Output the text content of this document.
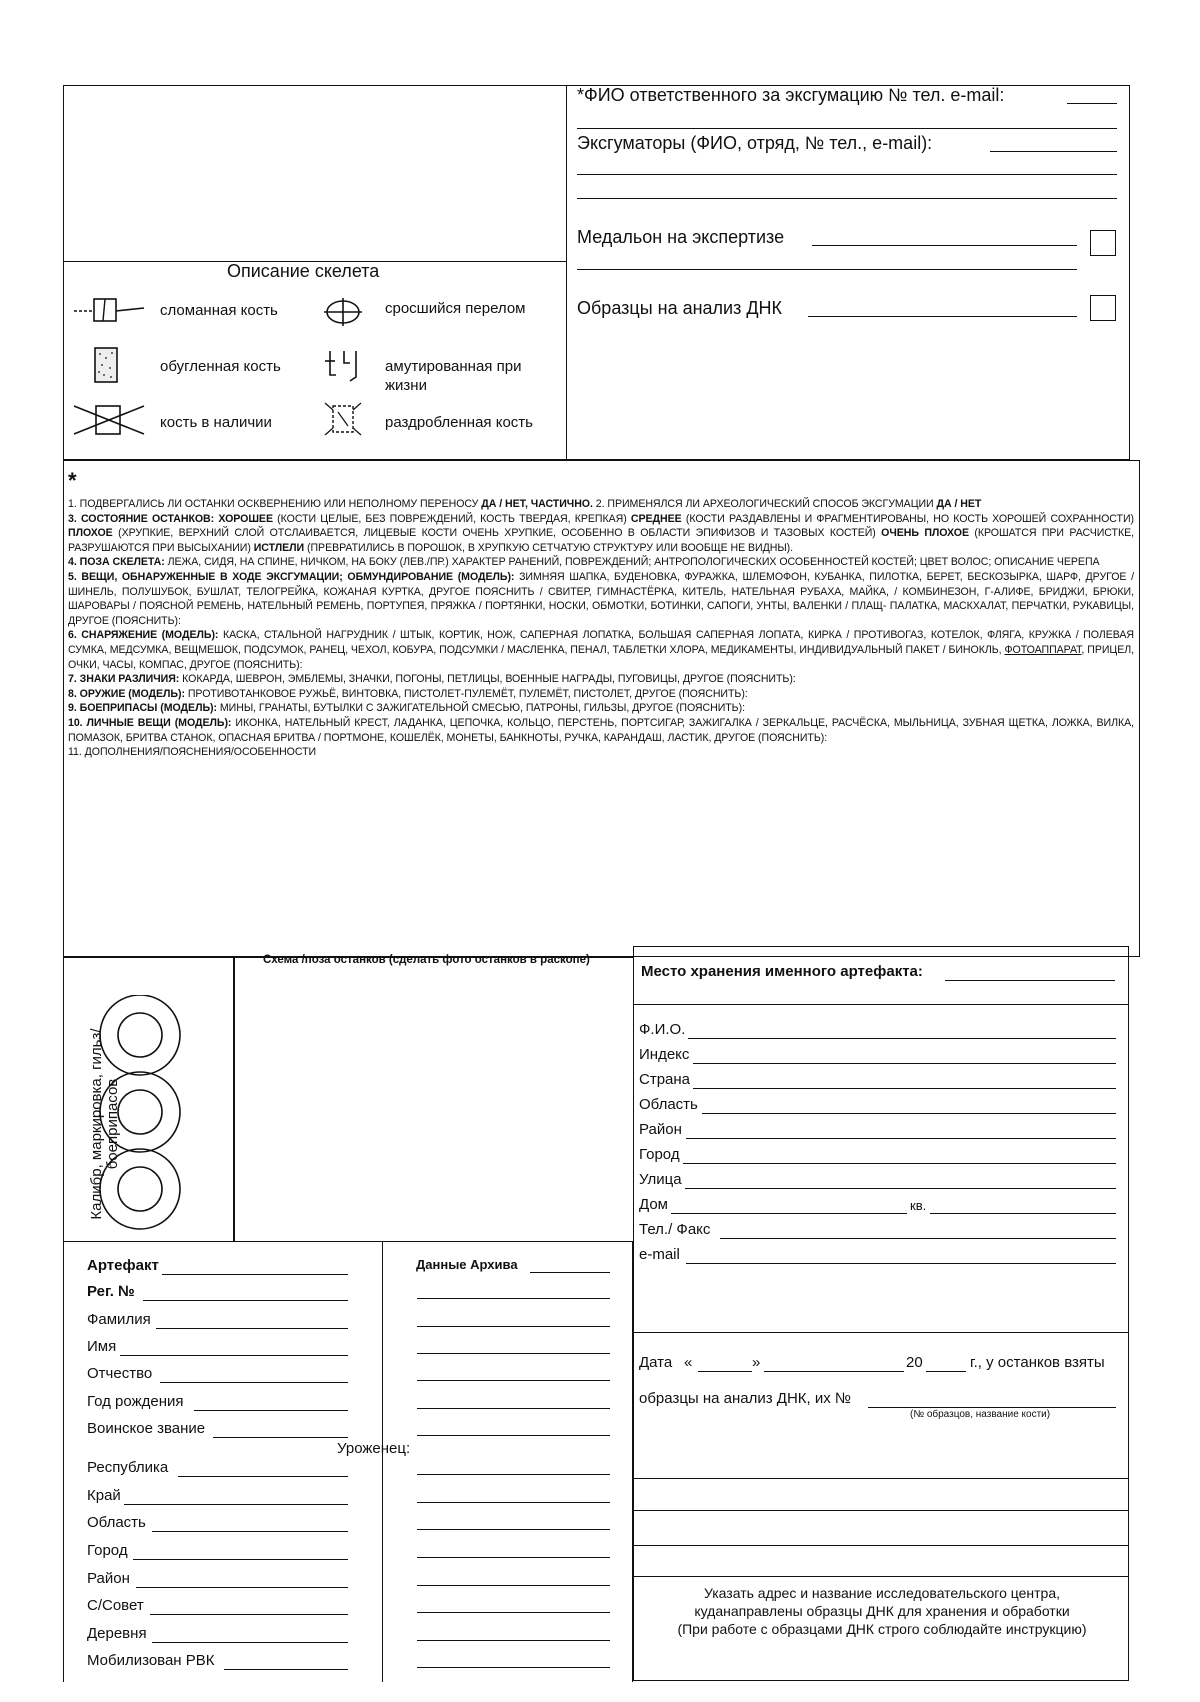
*ФИО ответственного за эксгумацию № тел. e-mail:
Эксгуматоры (ФИО, отряд, № тел., e-mail):
Медальон на экспертизе
Образцы на анализ ДНК
Описание скелета
сломанная кость	сросшийся перелом
обугленная кость	амутированная при жизни
кость в наличии	раздробленная кость
*
1. ПОДВЕРГАЛИСЬ ЛИ ОСТАНКИ ОСКВЕРНЕНИЮ ИЛИ НЕПОЛНОМУ ПЕРЕНОСУ ДА / НЕТ, ЧАСТИЧНО. 2. ПРИМЕНЯЛСЯ ЛИ АРХЕОЛОГИЧЕСКИЙ СПОСОБ ЭКСГУМАЦИИ ДА / НЕТ
3. СОСТОЯНИЕ ОСТАНКОВ: ХОРОШЕЕ (КОСТИ ЦЕЛЫЕ, БЕЗ ПОВРЕЖДЕНИЙ, КОСТЬ ТВЕРДАЯ, КРЕПКАЯ) СРЕДНЕЕ (КОСТИ РАЗДАВЛЕНЫ И ФРАГМЕНТИРОВАНЫ, НО КОСТЬ ХОРОШЕЙ СОХРАННОСТИ) ПЛОХОЕ (ХРУПКИЕ, ВЕРХНИЙ СЛОЙ ОТСЛАИВАЕТСЯ, ЛИЦЕВЫЕ КОСТИ ОЧЕНЬ ХРУПКИЕ, ОСОБЕННО В ОБЛАСТИ ЭПИФИЗОВ И ТАЗОВЫХ КОСТЕЙ) ОЧЕНЬ ПЛОХОЕ (КРОШАТСЯ ПРИ РАСЧИСТКЕ, РАЗРУШАЮТСЯ ПРИ ВЫСЫХАНИИ) ИСТЛЕЛИ (ПРЕВРАТИЛИСЬ В ПОРОШОК, В ХРУПКУЮ СЕТЧАТУЮ СТРУКТУРУ ИЛИ ВООБЩЕ НЕ ВИДНЫ).
4. ПОЗА СКЕЛЕТА: ЛЕЖА, СИДЯ, НА СПИНЕ, НИЧКОМ, НА БОКУ (ЛЕВ./ПР.) ХАРАКТЕР РАНЕНИЙ, ПОВРЕЖДЕНИЙ; АНТРОПОЛОГИЧЕСКИХ ОСОБЕННОСТЕЙ КОСТЕЙ; ЦВЕТ ВОЛОС; ОПИСАНИЕ ЧЕРЕПА
5. ВЕЩИ, ОБНАРУЖЕННЫЕ В ХОДЕ ЭКСГУМАЦИИ; ОБМУНДИРОВАНИЕ (МОДЕЛЬ): ЗИМНЯЯ ШАПКА, БУДЕНОВКА, ФУРАЖКА, ШЛЕМОФОН, КУБАНКА, ПИЛОТКА, БЕРЕТ, БЕСКОЗЫРКА, ШАРФ, ДРУГОЕ / ШИНЕЛЬ, ПОЛУШУБОК, БУШЛАТ, ТЕЛОГРЕЙКА, КОЖАНАЯ КУРТКА, ДРУГОЕ ПОЯСНИТЬ / СВИТЕР, ГИМНАСТЁРКА, КИТЕЛЬ, НАТЕЛЬНАЯ РУБАХА, МАЙКА, / КОМБИНЕЗОН, Г-АЛИФЕ, БРИДЖИ, БРЮКИ, ШАРОВАРЫ / ПОЯСНОЙ РЕМЕНЬ, НАТЕЛЬНЫЙ РЕМЕНЬ, ПОРТУПЕЯ, ПРЯЖКА / ПОРТЯНКИ, НОСКИ, ОБМОТКИ, БОТИНКИ, САПОГИ, УНТЫ, ВАЛЕНКИ / ПЛАЩ- ПАЛАТКА, МАСКХАЛАТ, ПЕРЧАТКИ, РУКАВИЦЫ, ДРУГОЕ (ПОЯСНИТЬ):
6. СНАРЯЖЕНИЕ (МОДЕЛЬ): КАСКА, СТАЛЬНОЙ НАГРУДНИК / ШТЫК, КОРТИК, НОЖ, САПЕРНАЯ ЛОПАТКА, БОЛЬШАЯ САПЕРНАЯ ЛОПАТА, КИРКА / ПРОТИВОГАЗ, КОТЕЛОК, ФЛЯГА, КРУЖКА / ПОЛЕВАЯ СУМКА, МЕДСУМКА, ВЕЩМЕШОК, ПОДСУМОК, РАНЕЦ, ЧЕХОЛ, КОБУРА, ПОДСУМКИ / МАСЛЕНКА, ПЕНАЛ, ТАБЛЕТКИ ХЛОРА, МЕДИКАМЕНТЫ, ИНДИВИДУАЛЬНЫЙ ПАКЕТ / БИНОКЛЬ, ФОТОАППАРАТ, ПРИЦЕЛ, ОЧКИ, ЧАСЫ, КОМПАС, ДРУГОЕ (ПОЯСНИТЬ):
7. ЗНАКИ РАЗЛИЧИЯ: КОКАРДА, ШЕВРОН, ЭМБЛЕМЫ, ЗНАЧКИ, ПОГОНЫ, ПЕТЛИЦЫ, ВОЕННЫЕ НАГРАДЫ, ПУГОВИЦЫ, ДРУГОЕ (ПОЯСНИТЬ):
8. ОРУЖИЕ (МОДЕЛЬ): ПРОТИВОТАНКОВОЕ РУЖЬЁ, ВИНТОВКА, ПИСТОЛЕТ-ПУЛЕМЁТ, ПУЛЕМЁТ, ПИСТОЛЕТ, ДРУГОЕ (ПОЯСНИТЬ):
9. БОЕПРИПАСЫ (МОДЕЛЬ): МИНЫ, ГРАНАТЫ, БУТЫЛКИ С ЗАЖИГАТЕЛЬНОЙ СМЕСЬЮ, ПАТРОНЫ, ГИЛЬЗЫ, ДРУГОЕ (ПОЯСНИТЬ):
10. ЛИЧНЫЕ ВЕЩИ (МОДЕЛЬ): ИКОНКА, НАТЕЛЬНЫЙ КРЕСТ, ЛАДАНКА, ЦЕПОЧКА, КОЛЬЦО, ПЕРСТЕНЬ, ПОРТСИГАР, ЗАЖИГАЛКА / ЗЕРКАЛЬЦЕ, РАСЧЁСКА, МЫЛЬНИЦА, ЗУБНАЯ ЩЕТКА, ЛОЖКА, ВИЛКА, ПОМАЗОК, БРИТВА СТАНОК, ОПАСНАЯ БРИТВА / ПОРТМОНЕ, КОШЕЛЁК, МОНЕТЫ, БАНКНОТЫ, РУЧКА, КАРАНДАШ, ЛАСТИК, ДРУГОЕ (ПОЯСНИТЬ):
11. ДОПОЛНЕНИЯ/ПОЯСНЕНИЯ/ОСОБЕННОСТИ
Калибр, маркировка, гильз/боеприпасов
Схема /поза останков (сделать фото останков в раскопе)
Артефакт
Рег. №
Данные Архива
Фамилия
Имя
Отчество
Год рождения
Воинское звание
Уроженец:
Республика
Край
Область
Город
Район
С/Совет
Деревня
Мобилизован РВК
Место хранения именного артефакта:
Ф.И.О.
Индекс
Страна
Область
Район
Город
Улица
Дом	кв.
Тел./ Факс
e-mail
Дата «	»	20	г., у останков взяты
образцы на анализ ДНК, их №
(№ образцов, название кости)
Указать адрес и название исследовательского центра,
куданаправлены образцы ДНК для хранения и обработки
(При работе с образцами ДНК строго соблюдайте инструкцию)
